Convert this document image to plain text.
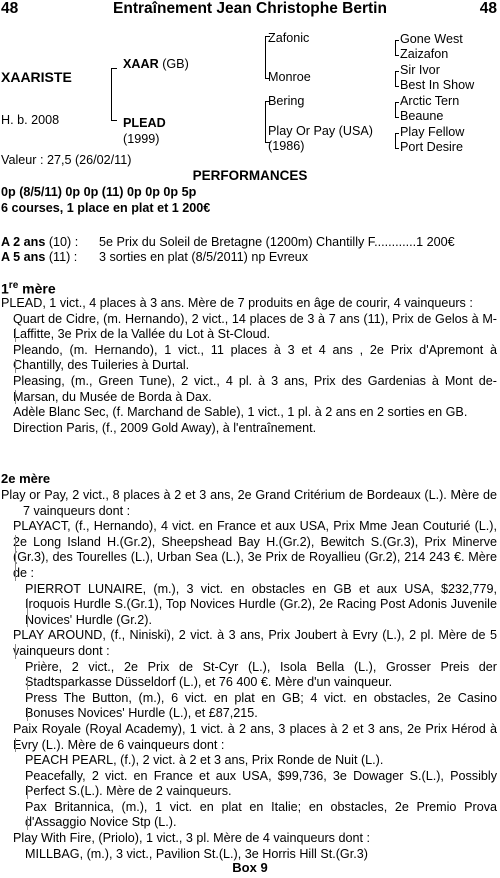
48	Entraînement Jean Christophe Bertin	48
XAARISTE
H. b. 2008
XAAR (GB)
PLEAD
(1999)
Zafonic
Monroe
Bering
Play Or Pay (USA)
(1986)
Gone West
Zaizafon
Sir Ivor
Best In Show
Arctic Tern
Beaune
Play Fellow
Port Desire
Valeur : 27,5 (26/02/11)
PERFORMANCES
0p (8/5/11) 0p 0p (11) 0p 0p 0p 5p
6 courses, 1 place en plat et 1 200€
A 2 ans (10) : 5e Prix du Soleil de Bretagne (1200m) Chantilly F............1 200€
A 5 ans (11) : 3 sorties en plat (8/5/2011) np Evreux
1re mère

PLEAD, 1 vict., 4 places à 3 ans. Mère de 7 produits en âge de courir, 4 vainqueurs :

Quart de Cidre, (m. Hernando), 2 vict., 14 places de 3 à 7 ans (11), Prix de Gelos à M-Laffitte, 3e Prix de la Vallée du Lot à St-Cloud.

Pleando, (m. Hernando), 1 vict., 11 places à 3 et 4 ans , 2e Prix d'Apremont à Chantilly, des Tuileries à Durtal.

Pleasing, (m., Green Tune), 2 vict., 4 pl. à 3 ans, Prix des Gardenias à Mont de-Marsan, du Musée de Borda à Dax.

Adèle Blanc Sec, (f. Marchand de Sable), 1 vict., 1 pl. à 2 ans en 2 sorties en GB.

Direction Paris, (f., 2009 Gold Away), à l'entraînement.

2e mère

Play or Pay, 2 vict., 8 places à 2 et 3 ans, 2e Grand Critérium de Bordeaux (L.). Mère de 7 vainqueurs dont :

PLAYACT, (f., Hernando), 4 vict. en France et aux USA, Prix Mme Jean Couturié (L.), 2e Long Island H.(Gr.2), Sheepshead Bay H.(Gr.2), Bewitch S.(Gr.3), Prix Minerve (Gr.3), des Tourelles (L.), Urban Sea (L.), 3e Prix de Royallieu (Gr.2), 214 243 €. Mère de :

PIERROT LUNAIRE, (m.), 3 vict. en obstacles en GB et aux USA, $232,779, Iroquois Hurdle S.(Gr.1), Top Novices Hurdle (Gr.2), 2e Racing Post Adonis Juvenile Novices' Hurdle (Gr.2).

PLAY AROUND, (f., Niniski), 2 vict. à 3 ans, Prix Joubert à Evry (L.), 2 pl. Mère de 5 vainqueurs dont :

Prière, 2 vict., 2e Prix de St-Cyr (L.), Isola Bella (L.), Grosser Preis der Stadtsparkasse Düsseldorf (L.), et 76 400 €. Mère d'un vainqueur.

Press The Button, (m.), 6 vict. en plat en GB; 4 vict. en obstacles, 2e Casino Bonuses Novices' Hurdle (L.), et £87,215.

Paix Royale (Royal Academy), 1 vict. à 2 ans, 3 places à 2 et 3 ans, 2e Prix Hérod à Evry (L.). Mère de 6 vainqueurs dont :

PEACH PEARL, (f.), 2 vict. à 2 et 3 ans, Prix Ronde de Nuit (L.).

Peacefally, 2 vict. en France et aux USA, $99,736, 3e Dowager S.(L.), Possibly Perfect S.(L.). Mère de 2 vainqueurs.

Pax Britannica, (m.), 1 vict. en plat en Italie; en obstacles, 2e Premio Prova d'Assaggio Novice Stp (L.).

Play With Fire, (Priolo), 1 vict., 3 pl. Mère de 4 vainqueurs dont :

MILLBAG, (m.), 3 vict., Pavilion St.(L.), 3e Horris Hill St.(Gr.3)

Box 9
